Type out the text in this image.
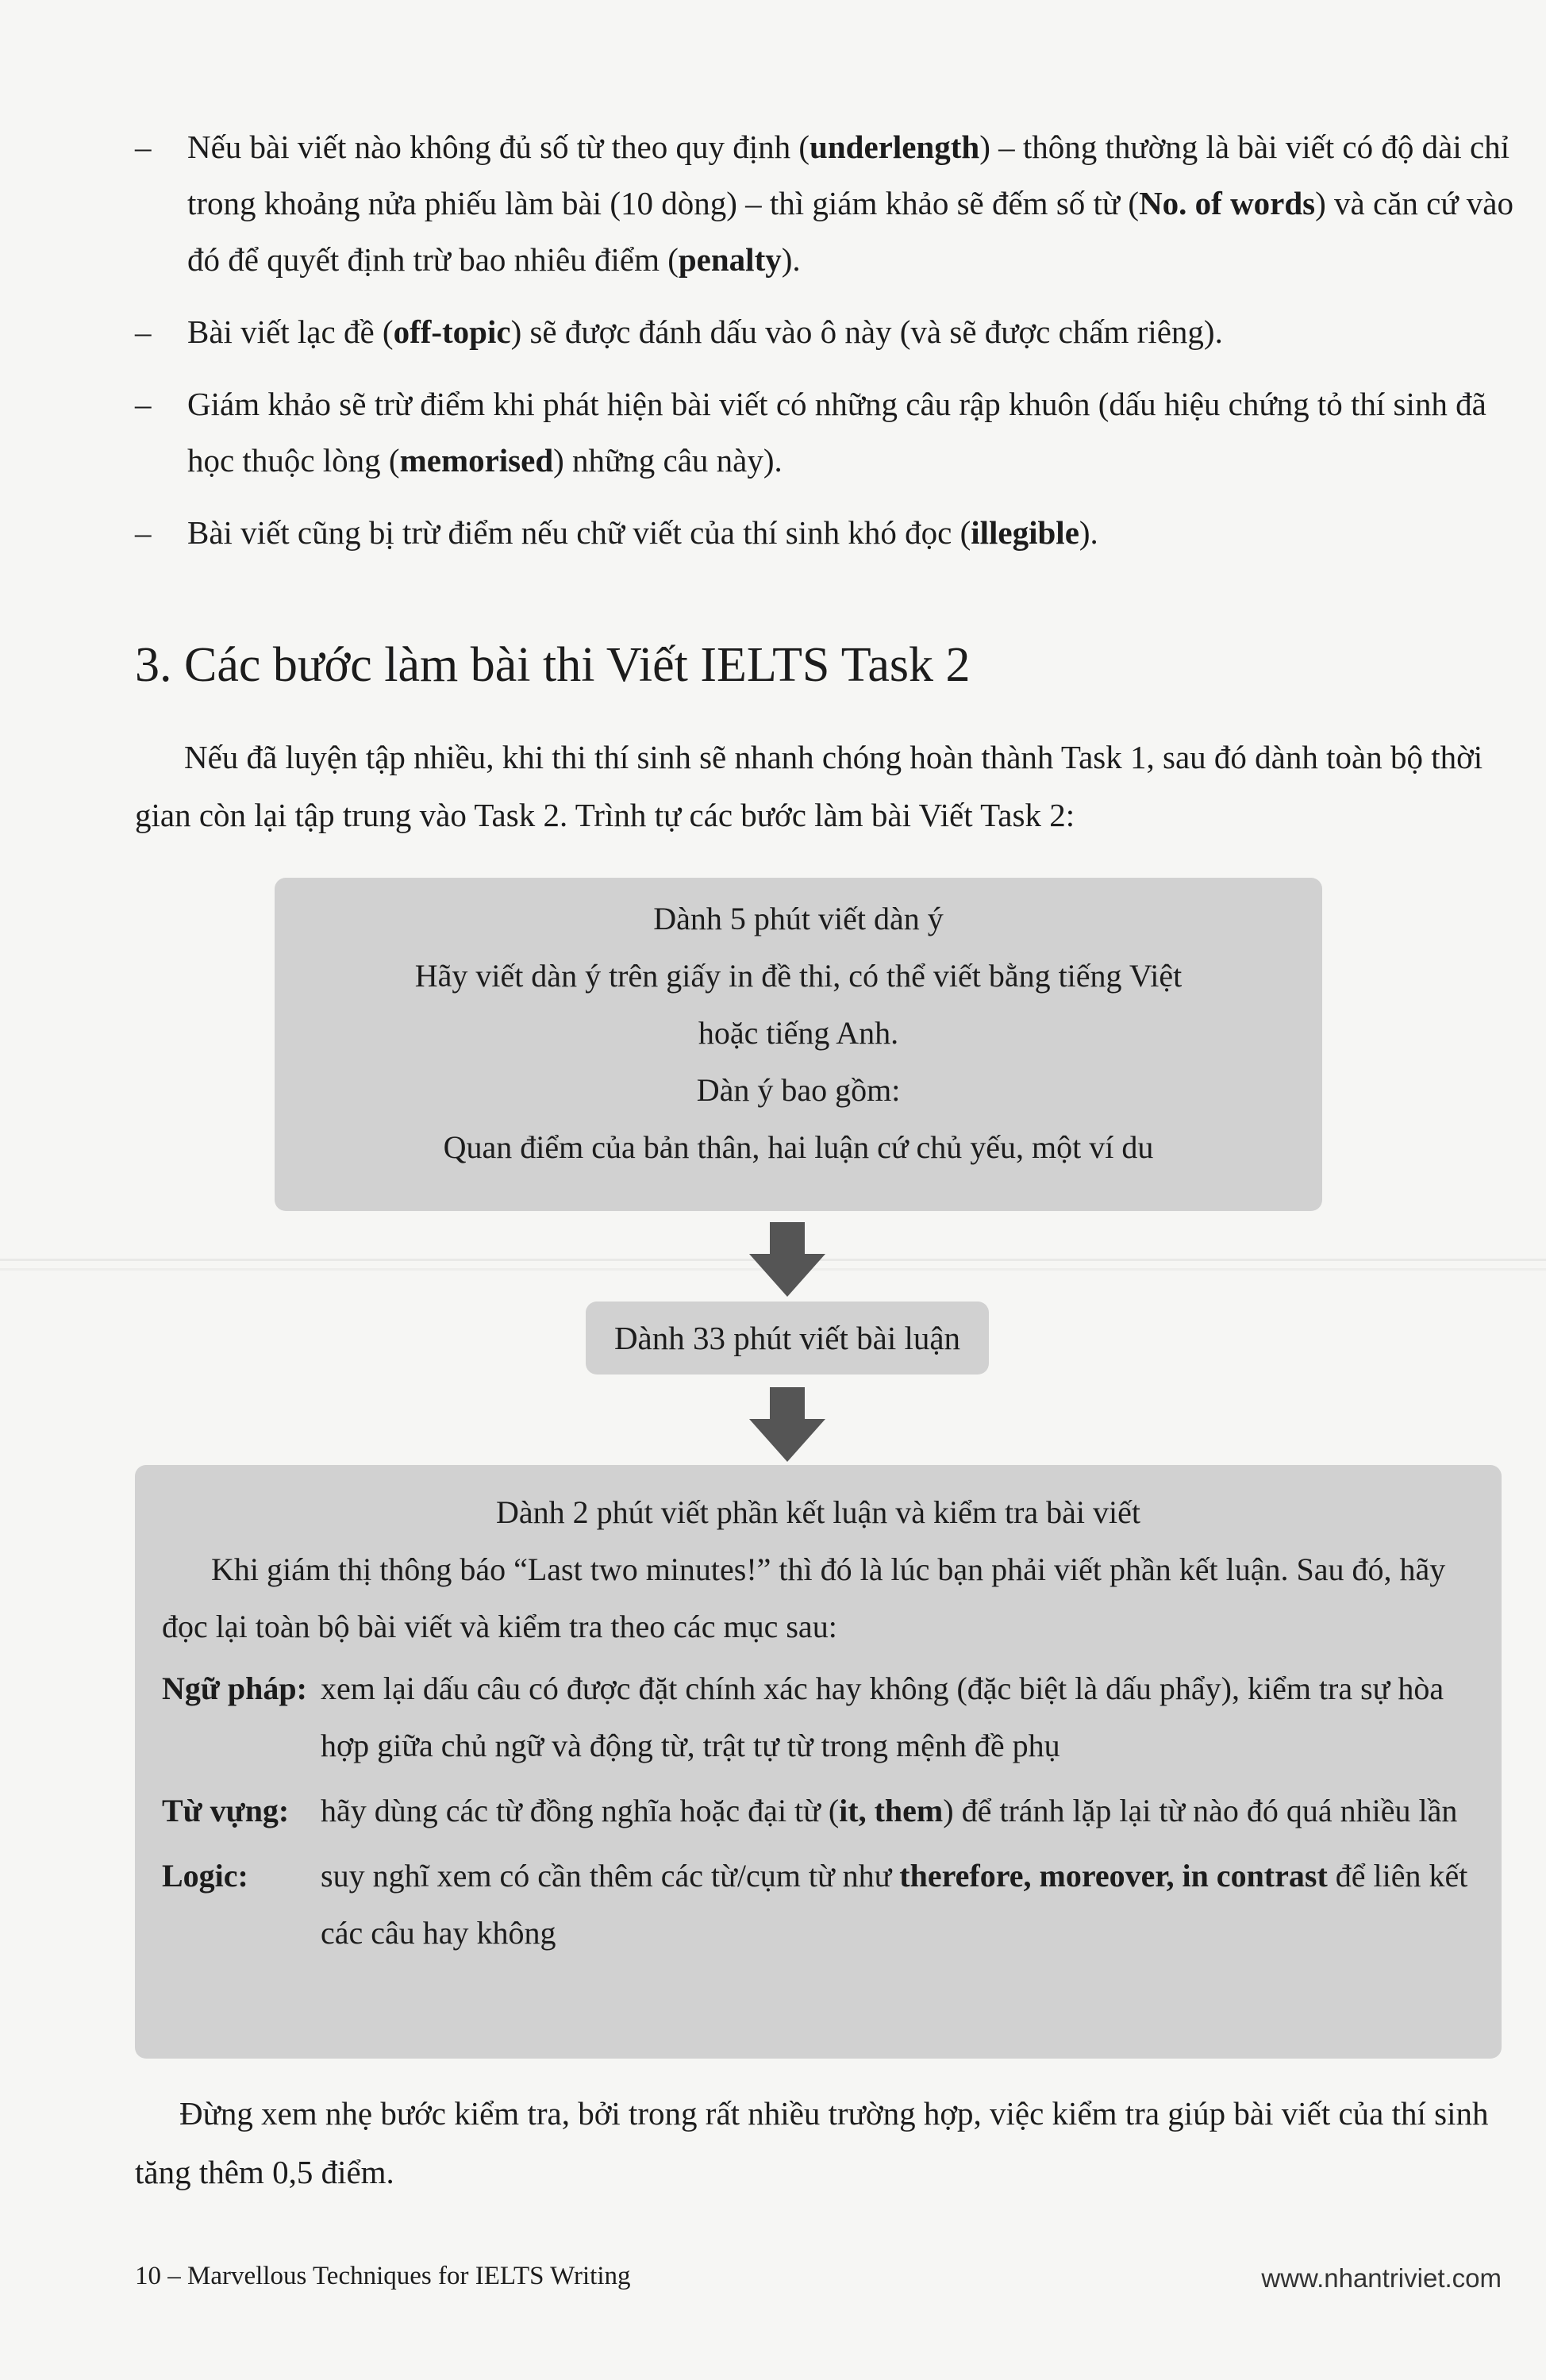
– Nếu bài viết nào không đủ số từ theo quy định (underlength) – thông thường là bài viết có độ dài chỉ trong khoảng nửa phiếu làm bài (10 dòng) – thì giám khảo sẽ đếm số từ (No. of words) và căn cứ vào đó để quyết định trừ bao nhiêu điểm (penalty).
– Bài viết lạc đề (off-topic) sẽ được đánh dấu vào ô này (và sẽ được chấm riêng).
– Giám khảo sẽ trừ điểm khi phát hiện bài viết có những câu rập khuôn (dấu hiệu chứng tỏ thí sinh đã học thuộc lòng (memorised) những câu này).
– Bài viết cũng bị trừ điểm nếu chữ viết của thí sinh khó đọc (illegible).
3. Các bước làm bài thi Viết IELTS Task 2
Nếu đã luyện tập nhiều, khi thi thí sinh sẽ nhanh chóng hoàn thành Task 1, sau đó dành toàn bộ thời gian còn lại tập trung vào Task 2. Trình tự các bước làm bài Viết Task 2:
Dành 5 phút viết dàn ý
Hãy viết dàn ý trên giấy in đề thi, có thể viết bằng tiếng Việt
hoặc tiếng Anh.
Dàn ý bao gồm:
Quan điểm của bản thân, hai luận cứ chủ yếu, một ví du
Dành 33 phút viết bài luận
Dành 2 phút viết phần kết luận và kiểm tra bài viết
Khi giám thị thông báo “Last two minutes!” thì đó là lúc bạn phải viết phần kết luận. Sau đó, hãy đọc lại toàn bộ bài viết và kiểm tra theo các mục sau:
Ngữ pháp: xem lại dấu câu có được đặt chính xác hay không (đặc biệt là dấu phẩy), kiểm tra sự hòa hợp giữa chủ ngữ và động từ, trật tự từ trong mệnh đề phụ
Từ vựng: hãy dùng các từ đồng nghĩa hoặc đại từ (it, them) để tránh lặp lại từ nào đó quá nhiều lần
Logic:	suy nghĩ xem có cần thêm các từ/cụm từ như therefore, moreover, in contrast để liên kết các câu hay không
Đừng xem nhẹ bước kiểm tra, bởi trong rất nhiều trường hợp, việc kiểm tra giúp bài viết của thí sinh tăng thêm 0,5 điểm.
10 – Marvellous Techniques for IELTS Writing	www.nhantriviet.com
